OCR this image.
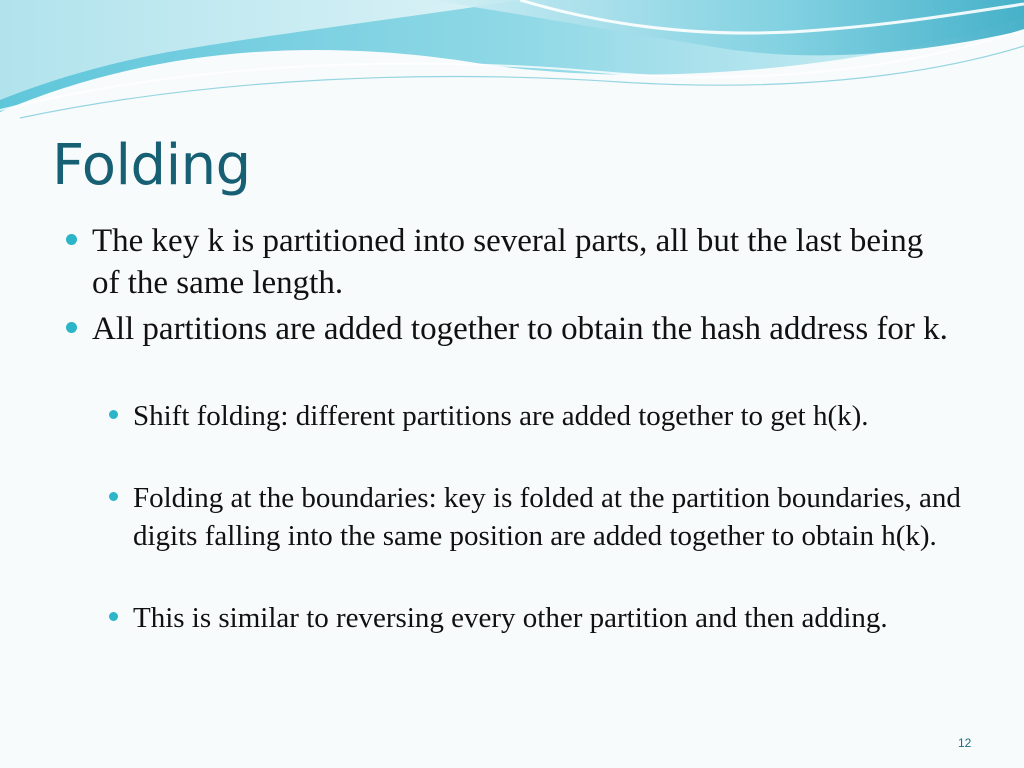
Folding
The key k is partitioned into several parts, all but the last being of the same length.
All partitions are added together to obtain the hash address for k.
Shift folding: different partitions are added together to get h(k).
Folding at the boundaries: key is folded at the partition boundaries, and digits falling into the same position are added together to obtain h(k).
This is similar to reversing every other partition and then adding.
12
